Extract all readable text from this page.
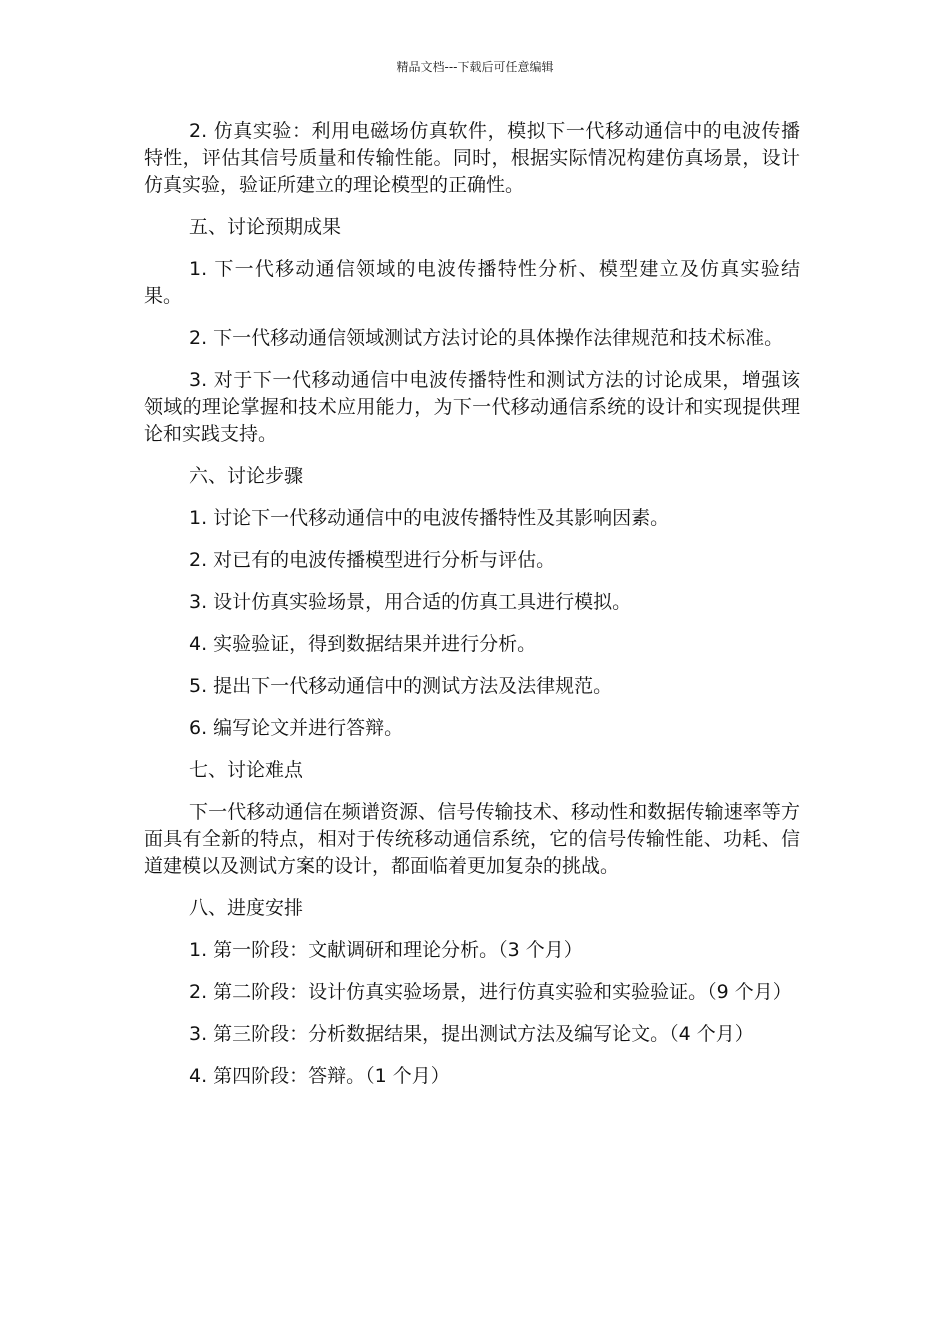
精品文档---下载后可任意编辑

2. 仿真实验：利用电磁场仿真软件，模拟下一代移动通信中的电波传播特性，评估其信号质量和传输性能。同时，根据实际情况构建仿真场景，设计仿真实验，验证所建立的理论模型的正确性。

五、讨论预期成果

1. 下一代移动通信领域的电波传播特性分析、模型建立及仿真实验结果。

2. 下一代移动通信领域测试方法讨论的具体操作法律规范和技术标准。

3. 对于下一代移动通信中电波传播特性和测试方法的讨论成果，增强该领域的理论掌握和技术应用能力，为下一代移动通信系统的设计和实现提供理论和实践支持。

六、讨论步骤

1. 讨论下一代移动通信中的电波传播特性及其影响因素。

2. 对已有的电波传播模型进行分析与评估。

3. 设计仿真实验场景，用合适的仿真工具进行模拟。

4. 实验验证，得到数据结果并进行分析。

5. 提出下一代移动通信中的测试方法及法律规范。

6. 编写论文并进行答辩。

七、讨论难点

下一代移动通信在频谱资源、信号传输技术、移动性和数据传输速率等方面具有全新的特点，相对于传统移动通信系统，它的信号传输性能、功耗、信道建模以及测试方案的设计，都面临着更加复杂的挑战。

八、进度安排

1. 第一阶段：文献调研和理论分析。（3 个月）

2. 第二阶段：设计仿真实验场景，进行仿真实验和实验验证。（9 个月）

3. 第三阶段：分析数据结果，提出测试方法及编写论文。（4 个月）

4. 第四阶段：答辩。（1 个月）
